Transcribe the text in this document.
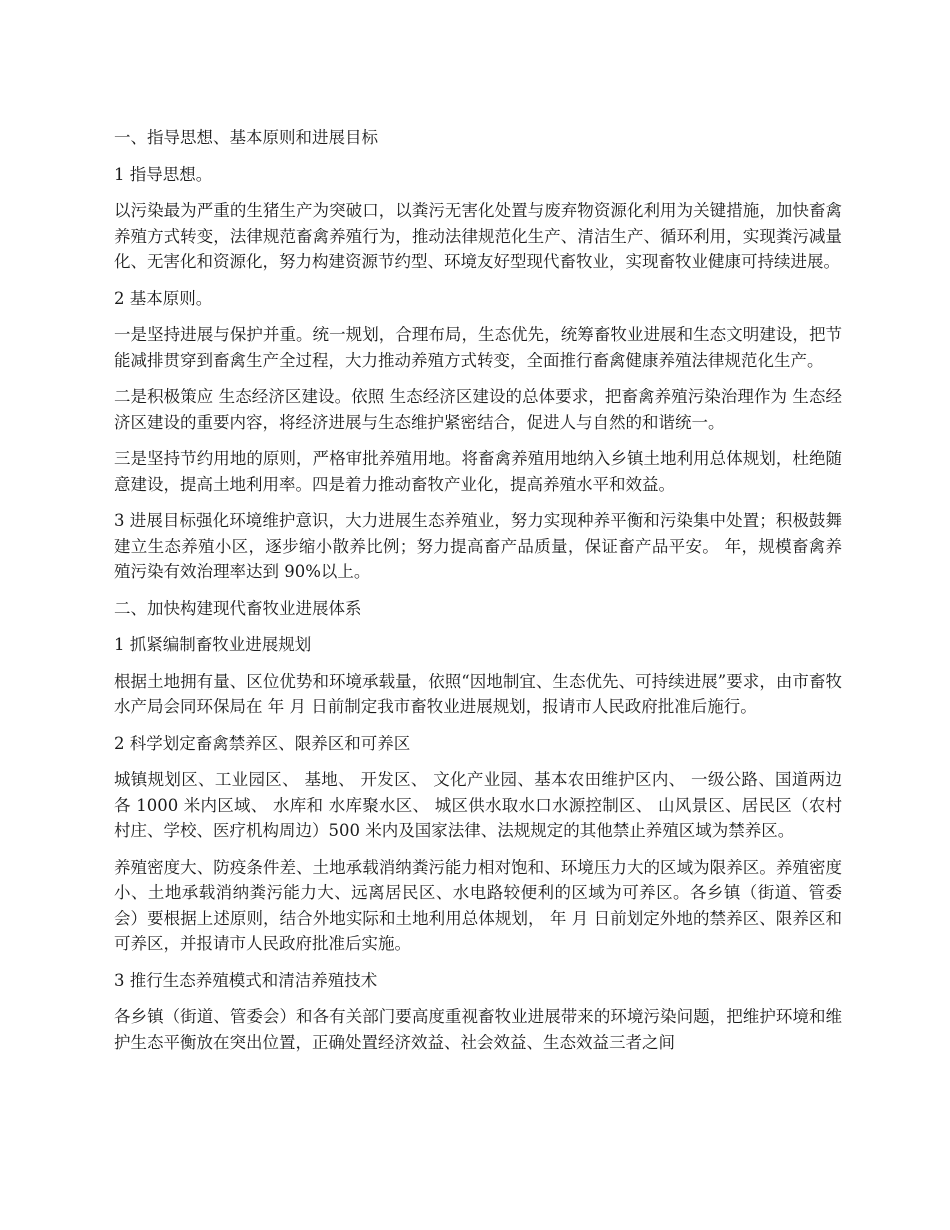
一、指导思想、基本原则和进展目标
1 指导思想。
以污染最为严重的生猪生产为突破口，以粪污无害化处置与废弃物资源化利用为关键措施，加快畜禽养殖方式转变，法律规范畜禽养殖行为，推动法律规范化生产、清洁生产、循环利用，实现粪污减量化、无害化和资源化，努力构建资源节约型、环境友好型现代畜牧业，实现畜牧业健康可持续进展。
2 基本原则。
一是坚持进展与保护并重。统一规划，合理布局，生态优先，统筹畜牧业进展和生态文明建设，把节能减排贯穿到畜禽生产全过程，大力推动养殖方式转变，全面推行畜禽健康养殖法律规范化生产。
二是积极策应 生态经济区建设。依照 生态经济区建设的总体要求，把畜禽养殖污染治理作为 生态经济区建设的重要内容，将经济进展与生态维护紧密结合，促进人与自然的和谐统一。
三是坚持节约用地的原则，严格审批养殖用地。将畜禽养殖用地纳入乡镇土地利用总体规划，杜绝随意建设，提高土地利用率。四是着力推动畜牧产业化，提高养殖水平和效益。
3 进展目标强化环境维护意识，大力进展生态养殖业，努力实现种养平衡和污染集中处置；积极鼓舞建立生态养殖小区，逐步缩小散养比例；努力提高畜产品质量，保证畜产品平安。 年，规模畜禽养殖污染有效治理率达到 90%以上。
二、加快构建现代畜牧业进展体系
1 抓紧编制畜牧业进展规划
根据土地拥有量、区位优势和环境承载量，依照“因地制宜、生态优先、可持续进展”要求，由市畜牧水产局会同环保局在 年 月 日前制定我市畜牧业进展规划，报请市人民政府批准后施行。
2 科学划定畜禽禁养区、限养区和可养区
城镇规划区、工业园区、 基地、 开发区、 文化产业园、基本农田维护区内、 一级公路、国道两边各 1000 米内区域、 水库和 水库聚水区、 城区供水取水口水源控制区、 山风景区、居民区（农村村庄、学校、医疗机构周边）500 米内及国家法律、法规规定的其他禁止养殖区域为禁养区。
养殖密度大、防疫条件差、土地承载消纳粪污能力相对饱和、环境压力大的区域为限养区。养殖密度小、土地承载消纳粪污能力大、远离居民区、水电路较便利的区域为可养区。各乡镇（街道、管委会）要根据上述原则，结合外地实际和土地利用总体规划， 年 月 日前划定外地的禁养区、限养区和可养区，并报请市人民政府批准后实施。
3 推行生态养殖模式和清洁养殖技术
各乡镇（街道、管委会）和各有关部门要高度重视畜牧业进展带来的环境污染问题，把维护环境和维护生态平衡放在突出位置，正确处置经济效益、社会效益、生态效益三者之间
